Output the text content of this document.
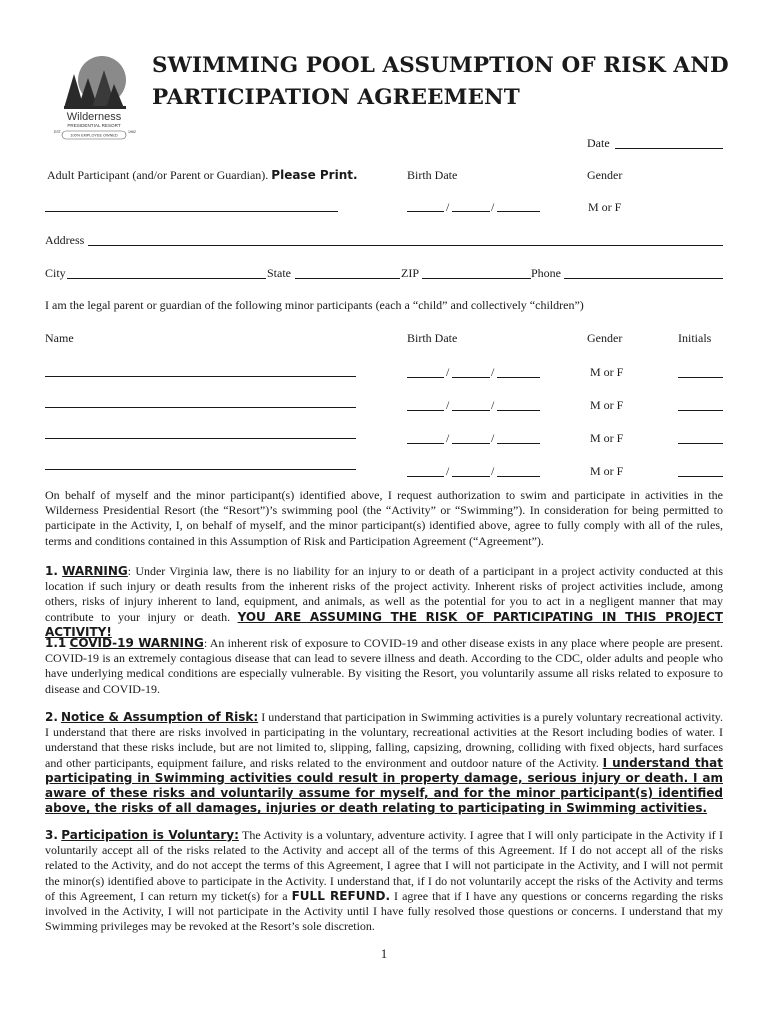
Wilderness
PRESIDENTIAL RESORT
EST.	1962
100% EMPLOYEE OWNED
SWIMMING POOL ASSUMPTION OF RISK AND
PARTICIPATION AGREEMENT
Date
Adult Participant (and/or Parent or Guardian). Please Print.	Birth Date	Gender
/	/	M or F
Address
City	State	ZIP	Phone
I am the legal parent or guardian of the following minor participants (each a “child” and collectively “children”)
Name	Birth Date	Gender	Initials
/	/	M or F
/	/	M or F
/	/	M or F
/	/	M or F

On behalf of myself and the minor participant(s) identified above, I request authorization to swim and participate in activities in the Wilderness Presidential Resort (the “Resort”)’s swimming pool (the “Activity” or “Swimming”). In consideration for being permitted to participate in the Activity, I, on behalf of myself, and the minor participant(s) identified above, agree to fully comply with all of the rules, terms and conditions contained in this Assumption of Risk and Participation Agreement (“Agreement”).

1. WARNING: Under Virginia law, there is no liability for an injury to or death of a participant in a project activity conducted at this location if such injury or death results from the inherent risks of the project activity. Inherent risks of project activities include, among others, risks of injury inherent to land, equipment, and animals, as well as the potential for you to act in a negligent manner that may contribute to your injury or death. YOU ARE ASSUMING THE RISK OF PARTICIPATING IN THIS PROJECT ACTIVITY!

1.1 COVID-19 WARNING: An inherent risk of exposure to COVID-19 and other disease exists in any place where people are present. COVID-19 is an extremely contagious disease that can lead to severe illness and death. According to the CDC, older adults and people who have underlying medical conditions are especially vulnerable. By visiting the Resort, you voluntarily assume all risks related to exposure to disease and COVID-19.

2. Notice & Assumption of Risk: I understand that participation in Swimming activities is a purely voluntary recreational activity. I understand that there are risks involved in participating in the voluntary, recreational activities at the Resort including bodies of water. I understand that these risks include, but are not limited to, slipping, falling, capsizing, drowning, colliding with fixed objects, hard surfaces and other participants, equipment failure, and risks related to the environment and outdoor nature of the Activity. I understand that participating in Swimming activities could result in property damage, serious injury or death. I am aware of these risks and voluntarily assume for myself, and for the minor participant(s) identified above, the risks of all damages, injuries or death relating to participating in Swimming activities.

3. Participation is Voluntary: The Activity is a voluntary, adventure activity. I agree that I will only participate in the Activity if I voluntarily accept all of the risks related to the Activity and accept all of the terms of this Agreement. If I do not accept all of the risks related to the Activity, and do not accept the terms of this Agreement, I agree that I will not participate in the Activity, and I will not permit the minor(s) identified above to participate in the Activity. I understand that, if I do not voluntarily accept the risks of the Activity and terms of this Agreement, I can return my ticket(s) for a FULL REFUND. I agree that if I have any questions or concerns regarding the risks involved in the Activity, I will not participate in the Activity until I have fully resolved those questions or concerns. I understand that my Swimming privileges may be revoked at the Resort’s sole discretion.

1
